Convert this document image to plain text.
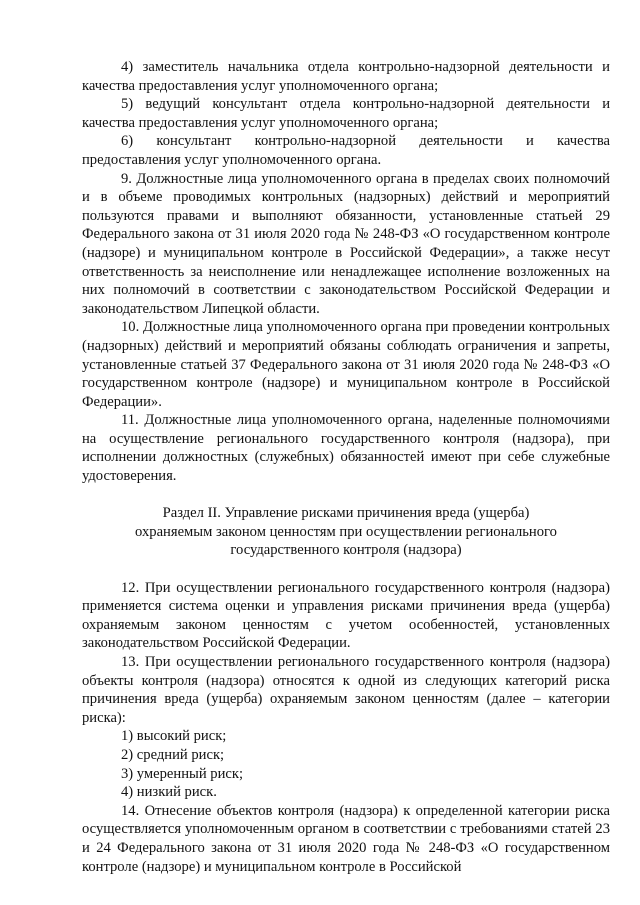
4) заместитель начальника отдела контрольно-надзорной деятельности и качества предоставления услуг уполномоченного органа;

5) ведущий консультант отдела контрольно-надзорной деятельности и качества предоставления услуг уполномоченного органа;

6) консультант контрольно-надзорной деятельности и качества предоставления услуг уполномоченного органа.

9. Должностные лица уполномоченного органа в пределах своих полномочий и в объеме проводимых контрольных (надзорных) действий и мероприятий пользуются правами и выполняют обязанности, установленные статьей 29 Федерального закона от 31 июля 2020 года № 248-ФЗ «О государственном контроле (надзоре) и муниципальном контроле в Российской Федерации», а также несут ответственность за неисполнение или ненадлежащее исполнение возложенных на них полномочий в соответствии с законодательством Российской Федерации и законодательством Липецкой области.

10. Должностные лица уполномоченного органа при проведении контрольных (надзорных) действий и мероприятий обязаны соблюдать ограничения и запреты, установленные статьей 37 Федерального закона от 31 июля 2020 года № 248-ФЗ «О государственном контроле (надзоре) и муниципальном контроле в Российской Федерации».

11. Должностные лица уполномоченного органа, наделенные полномочиями на осуществление регионального государственного контроля (надзора), при исполнении должностных (служебных) обязанностей имеют при себе служебные удостоверения.

Раздел II. Управление рисками причинения вреда (ущерба)

охраняемым законом ценностям при осуществлении регионального

государственного контроля (надзора)

12. При осуществлении регионального государственного контроля (надзора) применяется система оценки и управления рисками причинения вреда (ущерба) охраняемым законом ценностям с учетом особенностей, установленных законодательством Российской Федерации.

13. При осуществлении регионального государственного контроля (надзора) объекты контроля (надзора) относятся к одной из следующих категорий риска причинения вреда (ущерба) охраняемым законом ценностям (далее – категории риска):

1) высокий риск;

2) средний риск;

3) умеренный риск;

4) низкий риск.

14. Отнесение объектов контроля (надзора) к определенной категории риска осуществляется уполномоченным органом в соответствии с требованиями статей 23 и 24 Федерального закона от 31 июля 2020 года № 248-ФЗ «О государственном контроле (надзоре) и муниципальном контроле в Российской
